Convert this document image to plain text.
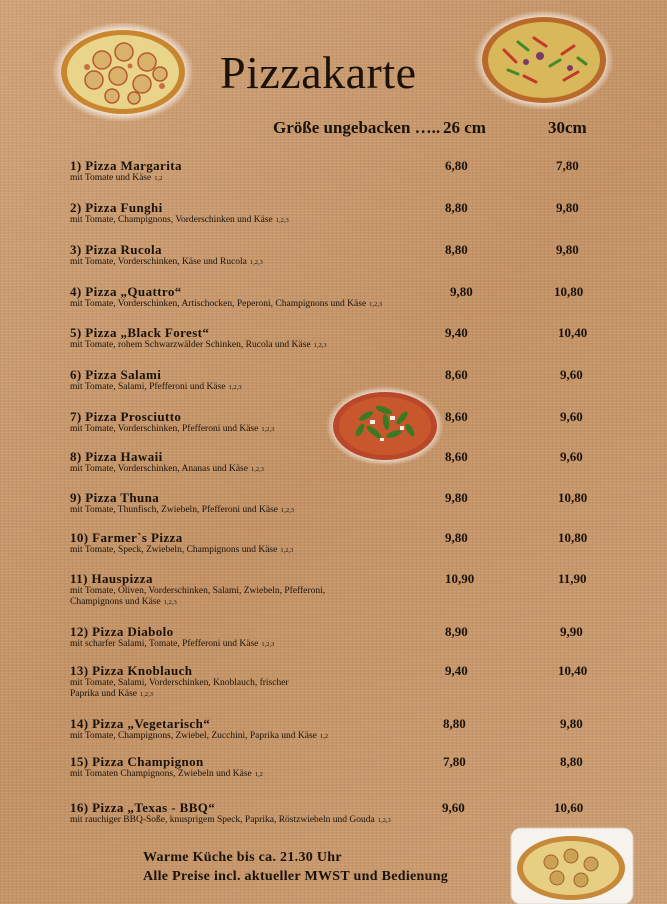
Pizzakarte
Größe ungebacken ….. 26 cm	30cm
1) Pizza Margarita
mit Tomate und Käse 1,2
6,80	7,80
2) Pizza Funghi
mit Tomate, Champignons, Vorderschinken und Käse 1,2,3
8,80	9,80
3) Pizza Rucola
mit Tomate, Vorderschinken, Käse und Rucola 1,2,3
8,80	9,80
4) Pizza „Quattro“
mit Tomate, Vorderschinken, Artischocken, Peperoni, Champignons und Käse 1,2,3
9,80	10,80
5) Pizza „Black Forest“
mit Tomate, rohem Schwarzwälder Schinken, Rucola und Käse 1,2,3
9,40	10,40
6) Pizza Salami
mit Tomate, Salami, Pfefferoni und Käse 1,2,3
8,60	9,60
7) Pizza Prosciutto
mit Tomate, Vorderschinken, Pfefferoni und Käse 1,2,3
8,60	9,60
8) Pizza Hawaii
mit Tomate, Vorderschinken, Ananas und Käse 1,2,3
8,60	9,60
9) Pizza Thuna
mit Tomate, Thunfisch, Zwiebeln, Pfefferoni und Käse 1,2,3
9,80	10,80
10) Farmer`s Pizza
mit Tomate, Speck, Zwiebeln, Champignons und Käse 1,2,3
9,80	10,80
11) Hauspizza
mit Tomate, Oliven, Vorderschinken, Salami, Zwiebeln, Pfefferoni, Champignons und Käse 1,2,3
10,90	11,90
12) Pizza Diabolo
mit scharfer Salami, Tomate, Pfefferoni und Käse 1,2,3
8,90	9,90
13) Pizza Knoblauch
mit Tomate, Salami, Vorderschinken, Knoblauch, frischer Paprika und Käse 1,2,3
9,40	10,40
14) Pizza „Vegetarisch“
mit Tomate, Champignons, Zwiebel, Zucchini, Paprika und Käse 1,2
8,80	9,80
15) Pizza Champignon
mit Tomaten Champignons, Zwiebeln und Käse 1,2
7,80	8,80
16) Pizza „Texas - BBQ“
mit rauchiger BBQ-Soße, knusprigem Speck, Paprika, Röstzwiebeln und Gouda 1,2,3
9,60	10,60
Warme Küche bis ca. 21.30 Uhr
Alle Preise incl. aktueller MWST und Bedienung
